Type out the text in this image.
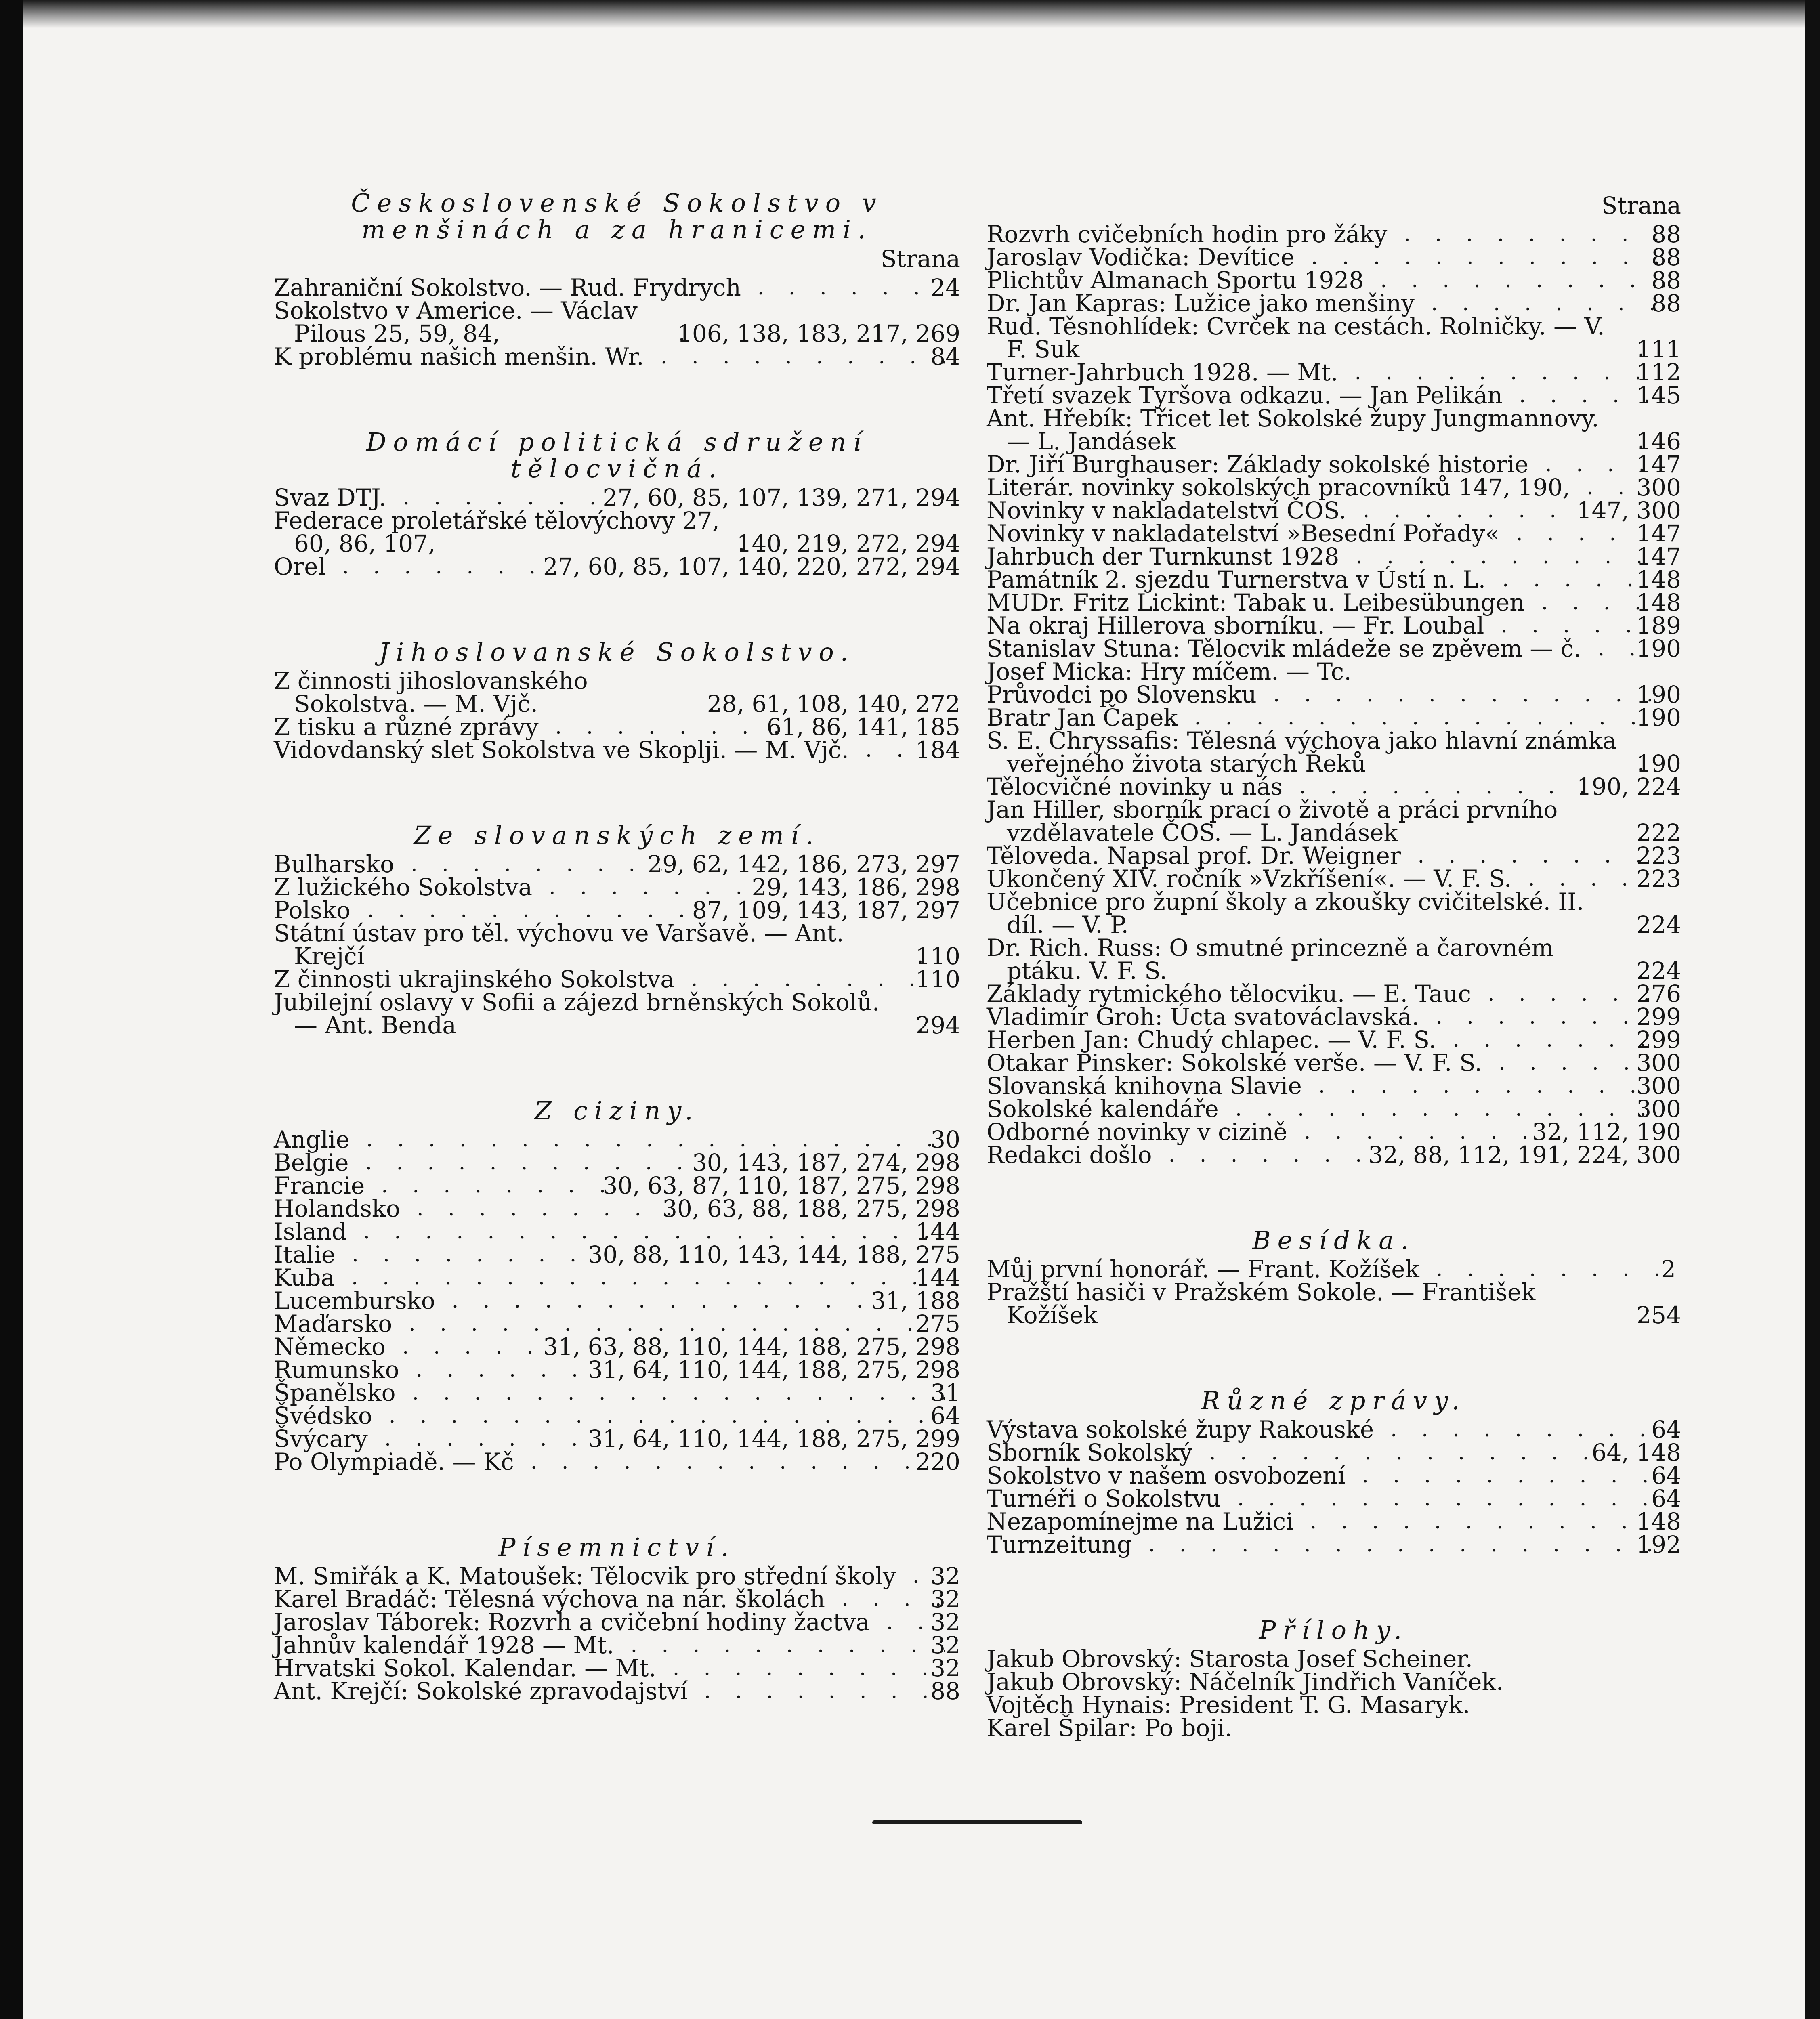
Československé Sokolstvo v menšinách a za hranicemi.

Strana
Zahraniční Sokolstvo. — Rud. Frydrych . . .	24
Sokolstvo v Americe. — Václav Pilous 25, 59, 84, . . .	106, 138, 183, 217, 269
K problému našich menšin. Wr. . . .	84

Domácí politická sdružení tělocvičná.

Svaz DTJ. . . .	27, 60, 85, 107, 139, 271, 294
Federace proletářské tělovýchovy 27, 60, 86, 107, . . .	140, 219, 272, 294
Orel . . .	27, 60, 85, 107, 140, 220, 272, 294

Jihoslovanské Sokolstvo.

Z činnosti jihoslovanského Sokolstva. — M. Vjč. . . .	28, 61, 108, 140, 272
Z tisku a různé zprávy . . .	61, 86, 141, 185
Vidovdanský slet Sokolstva ve Skoplji. — M. Vjč. . . .	184

Ze slovanských zemí.

Bulharsko . . .	29, 62, 142, 186, 273, 297
Z lužického Sokolstva . . .	29, 143, 186, 298
Polsko . . .	87, 109, 143, 187, 297
Státní ústav pro těl. výchovu ve Varšavě. — Ant. Krejčí . . .	110
Z činnosti ukrajinského Sokolstva . . .	110
Jubilejní oslavy v Sofii a zájezd brněnských Sokolů. — Ant. Benda . . .	294

Z ciziny.

Anglie . . .	30
Belgie . . .	30, 143, 187, 274, 298
Francie . . .	30, 63, 87, 110, 187, 275, 298
Holandsko . . .	30, 63, 88, 188, 275, 298
Island . . .	144
Italie . . .	30, 88, 110, 143, 144, 188, 275
Kuba . . .	144
Lucembursko . . .	31, 188
Maďarsko . . .	275
Německo . . .	31, 63, 88, 110, 144, 188, 275, 298
Rumunsko . . .	31, 64, 110, 144, 188, 275, 298
Španělsko . . .	31
Švédsko . . .	64
Švýcary . . .	31, 64, 110, 144, 188, 275, 299
Po Olympiadě. — Kč . . .	220

Písemnictví.

M. Smiřák a K. Matoušek: Tělocvik pro střední školy . . . 32
Karel Bradáč: Tělesná výchova na nár. školách . . .	32
Jaroslav Táborek: Rozvrh a cvičební hodiny žactva . . .	32
Jahnův kalendář 1928 — Mt. . . .	32
Hrvatski Sokol. Kalendar. — Mt. . . .	32
Ant. Krejčí: Sokolské zpravodajství . . .	88
Strana
Rozvrh cvičebních hodin pro žáky . . .	88
Jaroslav Vodička: Devítice . . .	88
Plichtův Almanach Sportu 1928 . . .	88
Dr. Jan Kapras: Lužice jako menšiny . . .	88
Rud. Těsnohlídek: Cvrček na cestách. Rolničky. — V. F. Suk . . .	111
Turner-Jahrbuch 1928. — Mt. . . .	112
Třetí svazek Tyršova odkazu. — Jan Pelikán . . .	145
Ant. Hřebík: Třicet let Sokolské župy Jungmannovy. — L. Jandásek . . .	146
Dr. Jiří Burghauser: Základy sokolské historie . . .	147
Literár. novinky sokolských pracovníků 147, 190, . . .	300
Novinky v nakladatelství ČOS. . . .	147, 300
Novinky v nakladatelství »Besední Pořady« . . .	147
Jahrbuch der Turnkunst 1928 . . .	147
Památník 2. sjezdu Turnerstva v Ústí n. L. . . .	148
MUDr. Fritz Lickint: Tabak u. Leibesübungen . . .	148
Na okraj Hillerova sborníku. — Fr. Loubal . . .	189
Stanislav Stuna: Tělocvik mládeže se zpěvem — č. . . . 190
Josef Micka: Hry míčem. — Tc.
Průvodci po Slovensku . . .	190
Bratr Jan Čapek . . .	190
S. E. Chryssafis: Tělesná výchova jako hlavní známka veřejného života starých Řeků . . .	190
Tělocvičné novinky u nás . . .	190, 224
Jan Hiller, sborník prací o životě a práci prvního vzdělavatele ČOS. — L. Jandásek . . .	222
Těloveda. Napsal prof. Dr. Weigner . . .	223
Ukončený XIV. ročník »Vzkříšení«. — V. F. S. . . .	223
Učebnice pro župní školy a zkoušky cvičitelské. II. díl. — V. P. . . .	224
Dr. Rich. Russ: O smutné princezně a čarovném ptáku. V. F. S. . . .	224
Základy rytmického tělocviku. — E. Tauc . . .	276
Vladimír Groh: Úcta svatováclavská. . . .	299
Herben Jan: Chudý chlapec. — V. F. S. . . .	299
Otakar Pinsker: Sokolské verše. — V. F. S. . . .	300
Slovanská knihovna Slavie . . .	300
Sokolské kalendáře . . .	300
Odborné novinky v cizině . . .	32, 112, 190
Redakci došlo . . .	32, 88, 112, 191, 224, 300

Besídka.

Můj první honorář. — Frant. Kožíšek . . .	2
Pražští hasiči v Pražském Sokole. — František Kožíšek . . .	254

Různé zprávy.

Výstava sokolské župy Rakouské . . .	64
Sborník Sokolský . . .	64, 148
Sokolstvo v našem osvobození . . .	64
Turnéři o Sokolstvu . . .	64
Nezapomínejme na Lužici . . .	148
Turnzeitung . . .	192

Přílohy.

Jakub Obrovský: Starosta Josef Scheiner.
Jakub Obrovský: Náčelník Jindřich Vaníček.
Vojtěch Hynais: President T. G. Masaryk.
Karel Špilar: Po boji.
